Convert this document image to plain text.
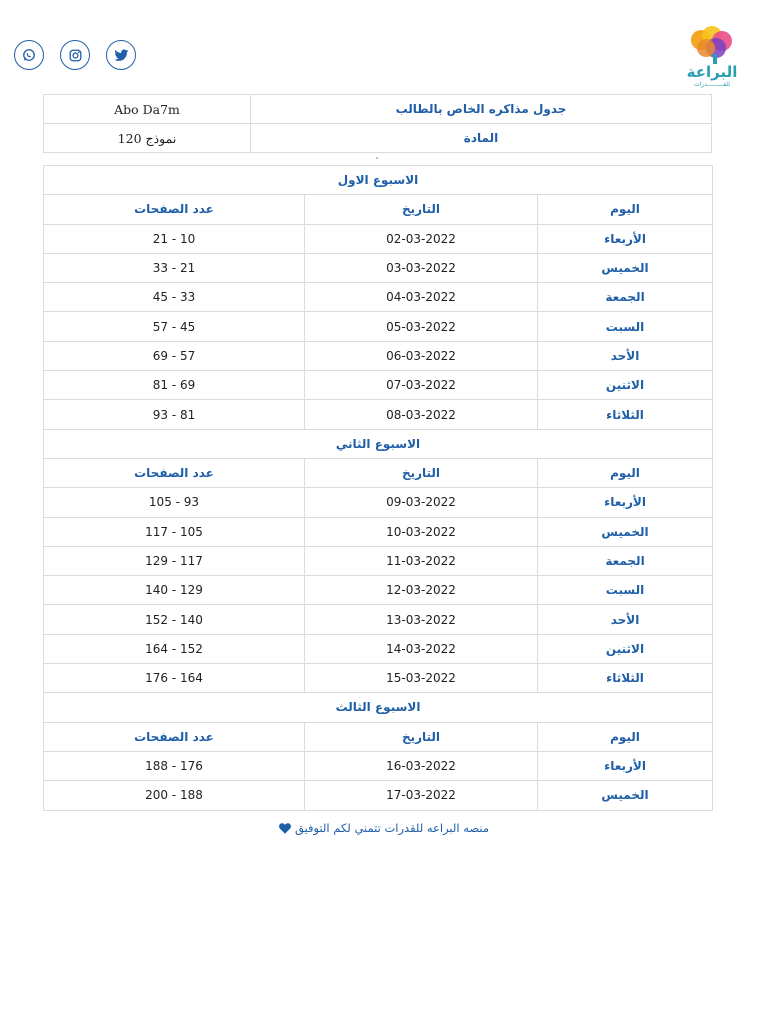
البراعة
للقـــــــــدرات
Abo Da7m	جدول مذاكره الخاص بالطالب
نموذج 120	المادة
الاسبوع الاول		
عدد الصفحات	التاريخ	اليوم
21 - 10	02-03-2022	الأربعاء
33 - 21	03-03-2022	الخميس
45 - 33	04-03-2022	الجمعة
57 - 45	05-03-2022	السبت
69 - 57	06-03-2022	الأحد
81 - 69	07-03-2022	الاثنين
93 - 81	08-03-2022	الثلاثاء
الاسبوع الثاني		
عدد الصفحات	التاريخ	اليوم
105 - 93	09-03-2022	الأربعاء
117 - 105	10-03-2022	الخميس
129 - 117	11-03-2022	الجمعة
140 - 129	12-03-2022	السبت
152 - 140	13-03-2022	الأحد
164 - 152	14-03-2022	الاثنين
176 - 164	15-03-2022	الثلاثاء
الاسبوع الثالث		
عدد الصفحات	التاريخ	اليوم
188 - 176	16-03-2022	الأربعاء
200 - 188	17-03-2022	الخميس
منصه البراعه للقدرات تتمني لكم التوفيق
